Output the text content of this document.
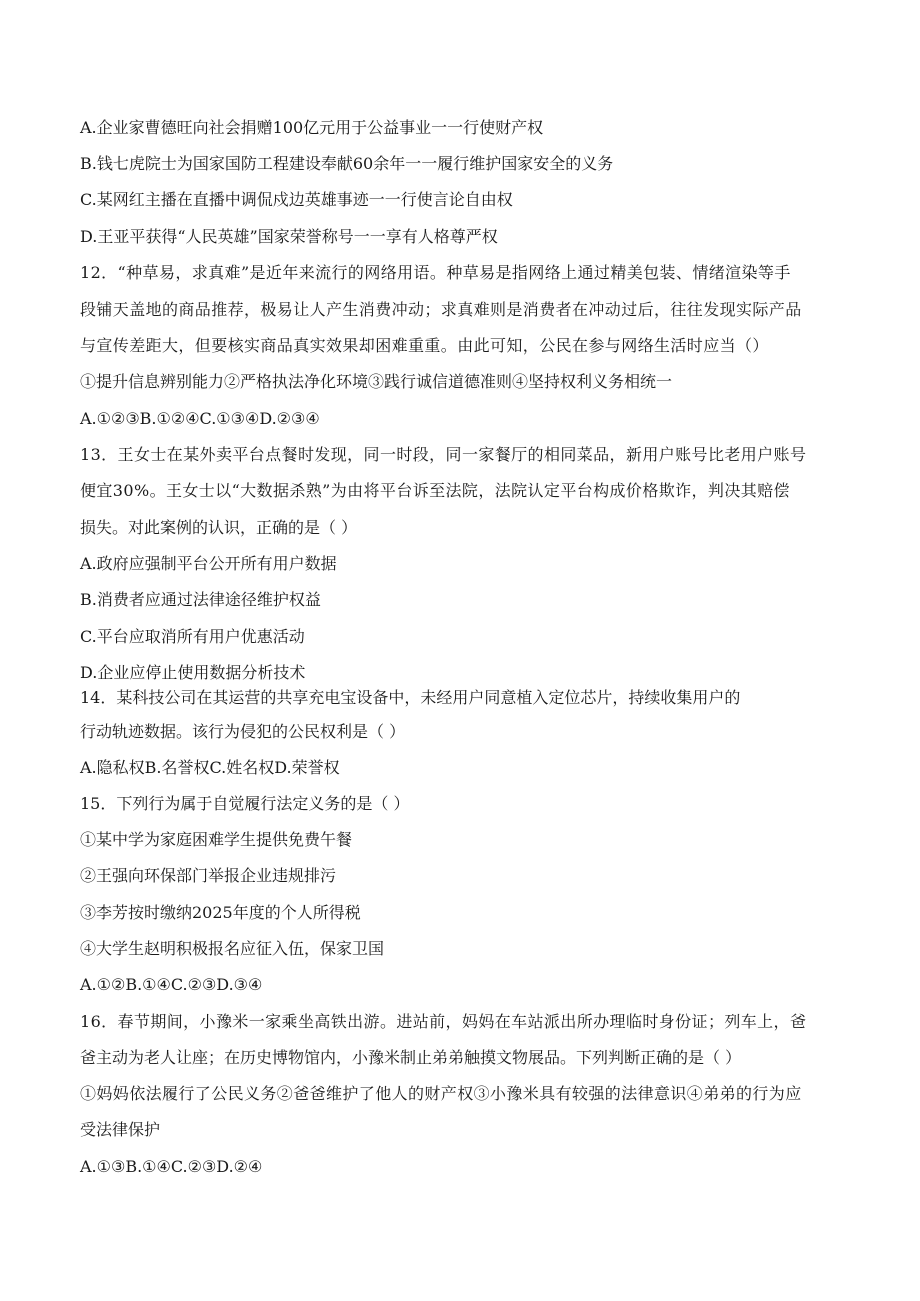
A.企业家曹德旺向社会捐赠100亿元用于公益事业一一行使财产权
B.钱七虎院士为国家国防工程建设奉献60余年一一履行维护国家安全的义务
C.某网红主播在直播中调侃戍边英雄事迹一一行使言论自由权
D.王亚平获得“人民英雄”国家荣誉称号一一享有人格尊严权
12．“种草易，求真难”是近年来流行的网络用语。种草易是指网络上通过精美包装、情绪渲染等手
段铺天盖地的商品推荐，极易让人产生消费冲动；求真难则是消费者在冲动过后，往往发现实际产品
与宣传差距大，但要核实商品真实效果却困难重重。由此可知，公民在参与网络生活时应当（）
①提升信息辨别能力②严格执法净化环境③践行诚信道德准则④坚持权利义务相统一
A.①②③B.①②④C.①③④D.②③④
13．王女士在某外卖平台点餐时发现，同一时段，同一家餐厅的相同菜品，新用户账号比老用户账号
便宜30%。王女士以“大数据杀熟”为由将平台诉至法院，法院认定平台构成价格欺诈，判决其赔偿
损失。对此案例的认识，正确的是（ ）
A.政府应强制平台公开所有用户数据
B.消费者应通过法律途径维护权益
C.平台应取消所有用户优惠活动
D.企业应停止使用数据分析技术
14．某科技公司在其运营的共享充电宝设备中，未经用户同意植入定位芯片，持续收集用户的
行动轨迹数据。该行为侵犯的公民权利是（ ）
A.隐私权B.名誉权C.姓名权D.荣誉权
15．下列行为属于自觉履行法定义务的是（ ）
①某中学为家庭困难学生提供免费午餐
②王强向环保部门举报企业违规排污
③李芳按时缴纳2025年度的个人所得税
④大学生赵明积极报名应征入伍，保家卫国
A.①②B.①④C.②③D.③④
16．春节期间，小豫米一家乘坐高铁出游。进站前，妈妈在车站派出所办理临时身份证；列车上，爸
爸主动为老人让座；在历史博物馆内，小豫米制止弟弟触摸文物展品。下列判断正确的是（ ）
①妈妈依法履行了公民义务②爸爸维护了他人的财产权③小豫米具有较强的法律意识④弟弟的行为应
受法律保护
A.①③B.①④C.②③D.②④
